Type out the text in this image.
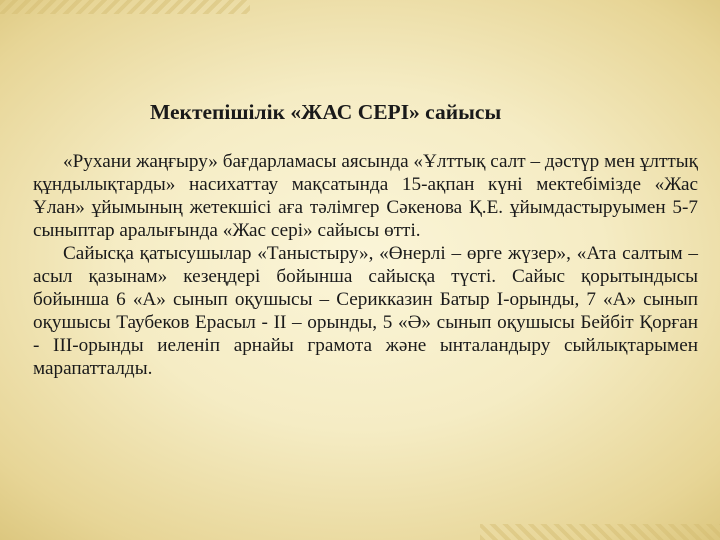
Мектепішілік «ЖАС СЕРІ» сайысы

«Рухани жаңғыру» бағдарламасы аясында «Ұлттық салт – дәстүр мен ұлттық құндылықтарды» насихаттау мақсатында 15-ақпан күні мектебімізде «Жас Ұлан» ұйымының жетекшісі аға тәлімгер Сәкенова Қ.Е. ұйымдастыруымен 5-7 сыныптар аралығында «Жас серi» сайысы өтті.

Сайысқа қатысушылар «Таныстыру», «Өнерлі – өрге жүзер», «Ата салтым – асыл қазынам» кезеңдері бойынша сайысқа түсті. Сайыс қорытындысы бойынша 6 «А» сынып оқушысы – Серикказин Батыр I-орынды, 7 «А» сынып оқушысы Таубеков Ерасыл - II – орынды, 5 «Ә» сынып оқушысы Бейбіт Қорған - III-орынды иеленіп арнайы грамота және ынталандыру сыйлықтарымен марапатталды.
